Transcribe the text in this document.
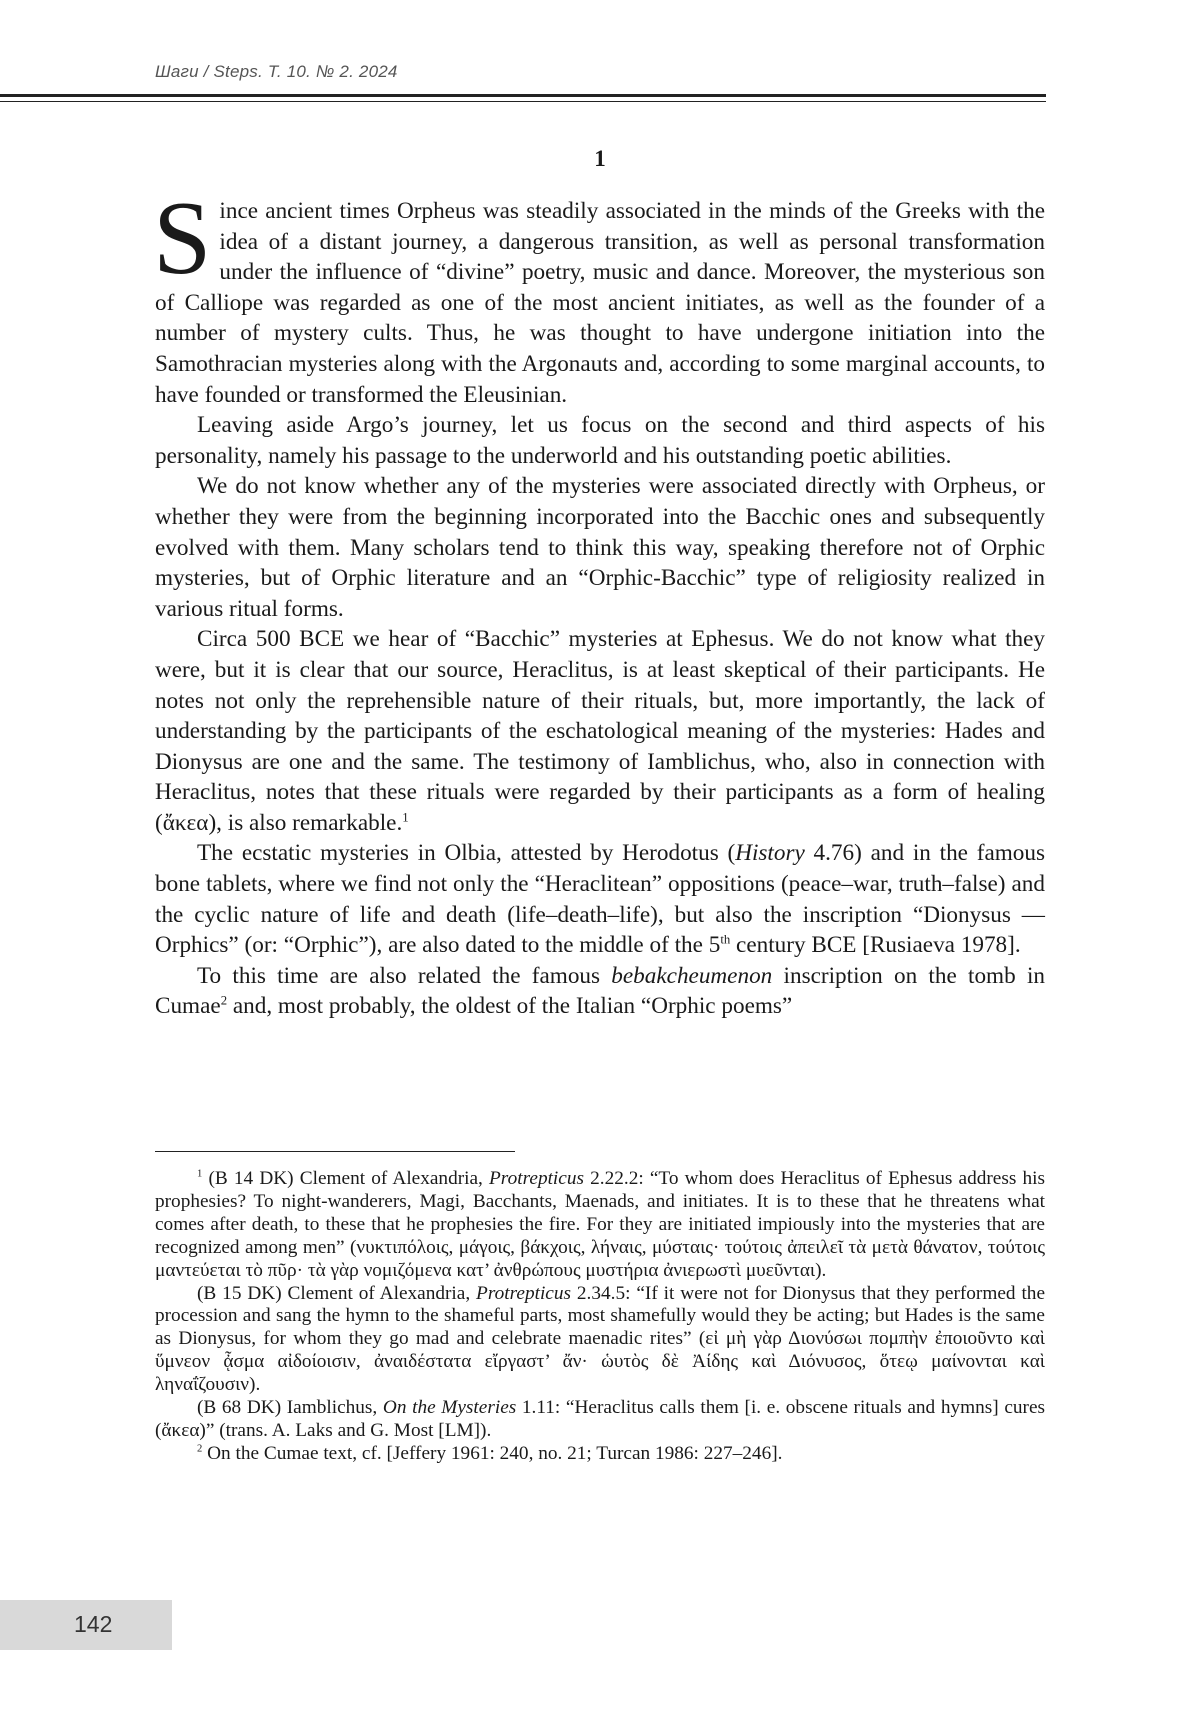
Шаги / Steps. Т. 10. № 2. 2024
1

Since ancient times Orpheus was steadily associated in the minds of the Greeks with the idea of a distant journey, a dangerous transition, as well as personal transformation under the influence of “divine” poetry, music and dance. Moreover, the mysterious son of Calliope was regarded as one of the most ancient initiates, as well as the founder of a number of mystery cults. Thus, he was thought to have undergone initiation into the Samothracian mysteries along with the Argonauts and, according to some marginal accounts, to have founded or transformed the Eleusinian.

Leaving aside Argo’s journey, let us focus on the second and third aspects of his personality, namely his passage to the underworld and his outstanding poetic abilities.

We do not know whether any of the mysteries were associated directly with Orpheus, or whether they were from the beginning incorporated into the Bacchic ones and subsequently evolved with them. Many scholars tend to think this way, speaking therefore not of Orphic mysteries, but of Orphic literature and an “Orphic-Bacchic” type of religiosity realized in various ritual forms.

Circa 500 BCE we hear of “Bacchic” mysteries at Ephesus. We do not know what they were, but it is clear that our source, Heraclitus, is at least skeptical of their participants. He notes not only the reprehensible nature of their rituals, but, more importantly, the lack of understanding by the participants of the eschatological meaning of the mysteries: Hades and Dionysus are one and the same. The testimony of Iamblichus, who, also in connection with Heraclitus, notes that these rituals were regarded by their participants as a form of healing (ἄκεα), is also remarkable.$^1$

The ecstatic mysteries in Olbia, attested by Herodotus (History 4.76) and in the famous bone tablets, where we find not only the “Heraclitean” oppositions (peace–war, truth–false) and the cyclic nature of life and death (life–death–life), but also the inscription “Dionysus — Orphics” (or: “Orphic”), are also dated to the middle of the 5th century BCE [Rusiaeva 1978].

To this time are also related the famous bebakcheumenon inscription on the tomb in Cumae$^2$ and, most probably, the oldest of the Italian “Orphic poems”

$^1$ (B 14 DK) Clement of Alexandria, Protrepticus 2.22.2: “To whom does Heraclitus of Ephesus address his prophesies? To night-wanderers, Magi, Bacchants, Maenads, and initiates. It is to these that he threatens what comes after death, to these that he prophesies the fire. For they are initiated impiously into the mysteries that are recognized among men” (νυκτιπόλοις, μάγοις, βάκχοις, λήναις, μύσταις· τούτοις ἀπειλεῖ τὰ μετὰ θάνατον, τούτοις μαντεύεται τὸ πῦρ· τὰ γὰρ νομιζόμενα κατ’ ἀνθρώπους μυστήρια ἀνιερωστὶ μυεῦνται).

(B 15 DK) Clement of Alexandria, Protrepticus 2.34.5: “If it were not for Dionysus that they performed the procession and sang the hymn to the shameful parts, most shamefully would they be acting; but Hades is the same as Dionysus, for whom they go mad and celebrate maenadic rites” (εἰ μὴ γὰρ Διονύσωι πομπὴν ἐποιοῦντο καὶ ὕμνεον ᾆσμα αἰδοίοισιν, ἀναιδέστατα εἴργαστ’ ἄν· ὡυτὸς δὲ Ἀίδης καὶ Διόνυσος, ὅτεῳ μαίνονται καὶ ληναΐζουσιν).

(B 68 DK) Iamblichus, On the Mysteries 1.11: “Heraclitus calls them [i. e. obscene rituals and hymns] cures (ἄκεα)” (trans. A. Laks and G. Most [LM]).

$^2$ On the Cumae text, cf. [Jeffery 1961: 240, no. 21; Turcan 1986: 227–246].

142
